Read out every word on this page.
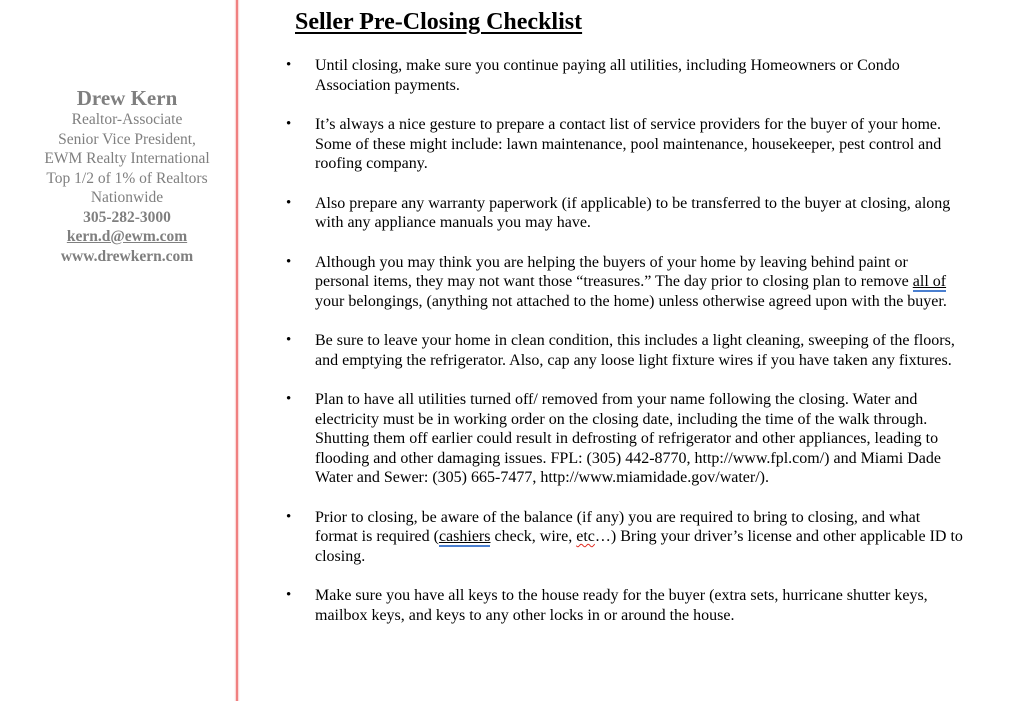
Drew Kern
Realtor-Associate
Senior Vice President,
EWM Realty International
Top 1/2 of 1% of Realtors
Nationwide
305-282-3000
kern.d@ewm.com
www.drewkern.com
Seller Pre-Closing Checklist
•	Until closing, make sure you continue paying all utilities, including Homeowners or Condo Association payments.
•	It’s always a nice gesture to prepare a contact list of service providers for the buyer of your home. Some of these might include: lawn maintenance, pool maintenance, housekeeper, pest control and roofing company.
•	Also prepare any warranty paperwork (if applicable) to be transferred to the buyer at closing, along with any appliance manuals you may have.
•	Although you may think you are helping the buyers of your home by leaving behind paint or personal items, they may not want those “treasures.” The day prior to closing plan to remove all of your belongings, (anything not attached to the home) unless otherwise agreed upon with the buyer.
•	Be sure to leave your home in clean condition, this includes a light cleaning, sweeping of the floors, and emptying the refrigerator. Also, cap any loose light fixture wires if you have taken any fixtures.
•	Plan to have all utilities turned off/ removed from your name following the closing. Water and electricity must be in working order on the closing date, including the time of the walk through. Shutting them off earlier could result in defrosting of refrigerator and other appliances, leading to flooding and other damaging issues. FPL: (305) 442-8770, http://www.fpl.com/) and Miami Dade Water and Sewer: (305) 665-7477, http://www.miamidade.gov/water/).
•	Prior to closing, be aware of the balance (if any) you are required to bring to closing, and what format is required (cashiers check, wire, etc…) Bring your driver’s license and other applicable ID to closing.
•	Make sure you have all keys to the house ready for the buyer (extra sets, hurricane shutter keys, mailbox keys, and keys to any other locks in or around the house.
